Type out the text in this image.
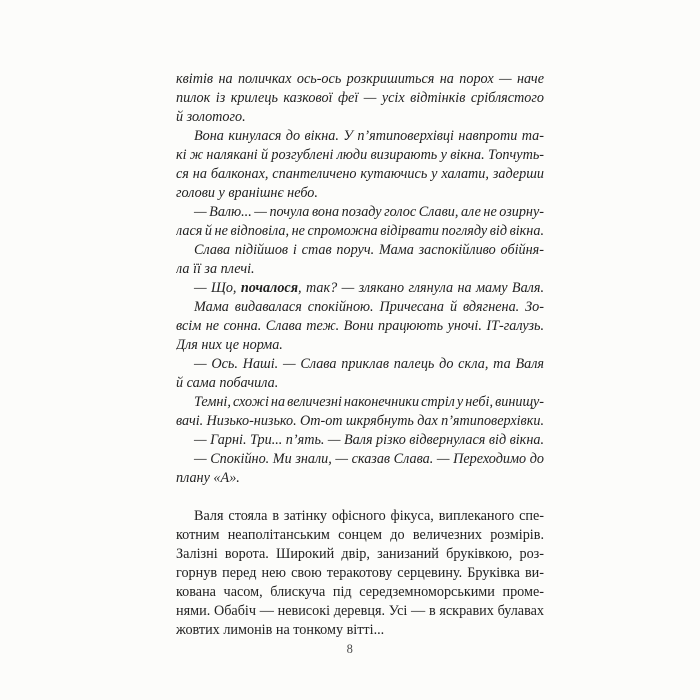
квітів на поличках ось-ось розкришиться на порох — наче
пилок із крилець казкової феї — усіх відтінків сріблястого
й золотого.
Вона кинулася до вікна. У п’ятиповерхівці навпроти та-
кі ж налякані й розгублені люди визирають у вікна. Топчуть-
ся на балконах, спантеличено кутаючись у халати, задерши
голови у вранішнє небо.
— Валю... — почула вона позаду голос Слави, але не озирну-
лася й не відповіла, не спроможна відірвати погляду від вікна.
Слава підійшов і став поруч. Мама заспокійливо обійня-
ла її за плечі.
— Що, почалося, так? — злякано глянула на маму Валя.
Мама видавалася спокійною. Причесана й вдягнена. Зо-
всім не сонна. Слава теж. Вони працюють уночі. ІТ-галузь.
Для них це норма.
— Ось. Наші. — Слава приклав палець до скла, та Валя
й сама побачила.
Темні, схожі на величезні наконечники стріл у небі, винищу-
вачі. Низько-низько. От-от шкрябнуть дах п’ятиповерхівки.
— Гарні. Три... п’ять. — Валя різко відвернулася від вікна.
— Спокійно. Ми знали, — сказав Слава. — Переходимо до
плану «А».
Валя стояла в затінку офісного фікуса, виплеканого спе-
котним неаполітанським сонцем до величезних розмірів.
Залізні ворота. Широкий двір, занизаний бруківкою, роз-
горнув перед нею свою теракотову серцевину. Бруківка ви-
кована часом, блискуча під середземноморськими проме-
нями. Обабіч — невисокі деревця. Усі — в яскравих булавах
жовтих лимонів на тонкому вітті...
8
